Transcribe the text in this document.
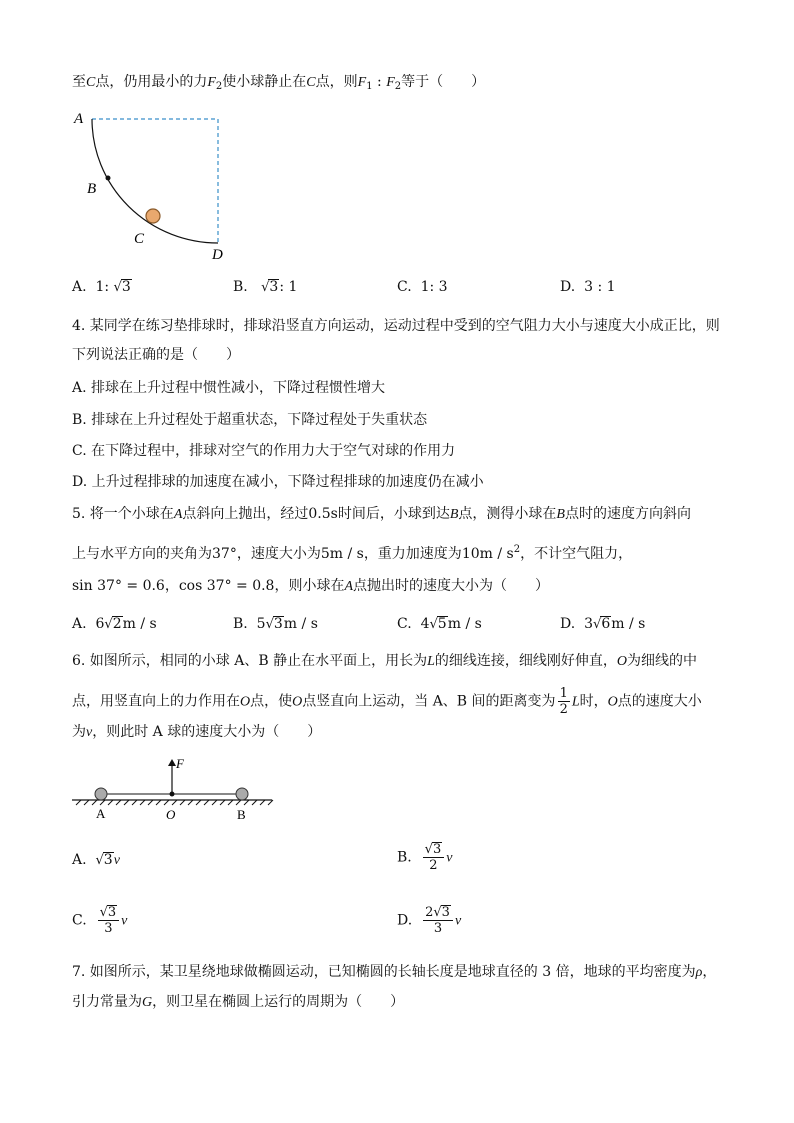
至C点，仍用最小的力$F_2$使小球静止在C点，则$F_1$ : $F_2$等于（　　）
A
B
C
D
A. 1: √3	B. √3: 1	C. 1: 3	D. 3 : 1
4. 某同学在练习垫排球时，排球沿竖直方向运动，运动过程中受到的空气阻力大小与速度大小成正比，则
下列说法正确的是（　　）
A. 排球在上升过程中惯性减小，下降过程惯性增大
B. 排球在上升过程处于超重状态，下降过程处于失重状态
C. 在下降过程中，排球对空气的作用力大于空气对球的作用力
D. 上升过程排球的加速度在减小，下降过程排球的加速度仍在减小
5. 将一个小球在A点斜向上抛出，经过0.5s时间后，小球到达B点，测得小球在B点时的速度方向斜向
上与水平方向的夹角为37°，速度大小为5m / s，重力加速度为$10m / s^2$，不计空气阻力，
sin 37° = 0.6，cos 37° = 0.8，则小球在A点抛出时的速度大小为（　　）
A. 6√2m / s	B. 5√3m / s	C. 4√5m / s	D. 3√6m / s
6. 如图所示，相同的小球 A、B 静止在水平面上，用长为L的细线连接，细线刚好伸直，O为细线的中
点，用竖直向上的力作用在O点，使O点竖直向上运动，当 A、B 间的距离变为 $\frac{1}{2}$ L时，O点的速度大小
为v，则此时 A 球的速度大小为（　　）
F
A	O	B
A. √3v	B. $\frac{√3}{2}$ v
C. $\frac{√3}{3}$ v	D. $\frac{2√3}{3}$ v
7. 如图所示，某卫星绕地球做椭圆运动，已知椭圆的长轴长度是地球直径的 3 倍，地球的平均密度为ρ，
引力常量为G，则卫星在椭圆上运行的周期为（　　）
